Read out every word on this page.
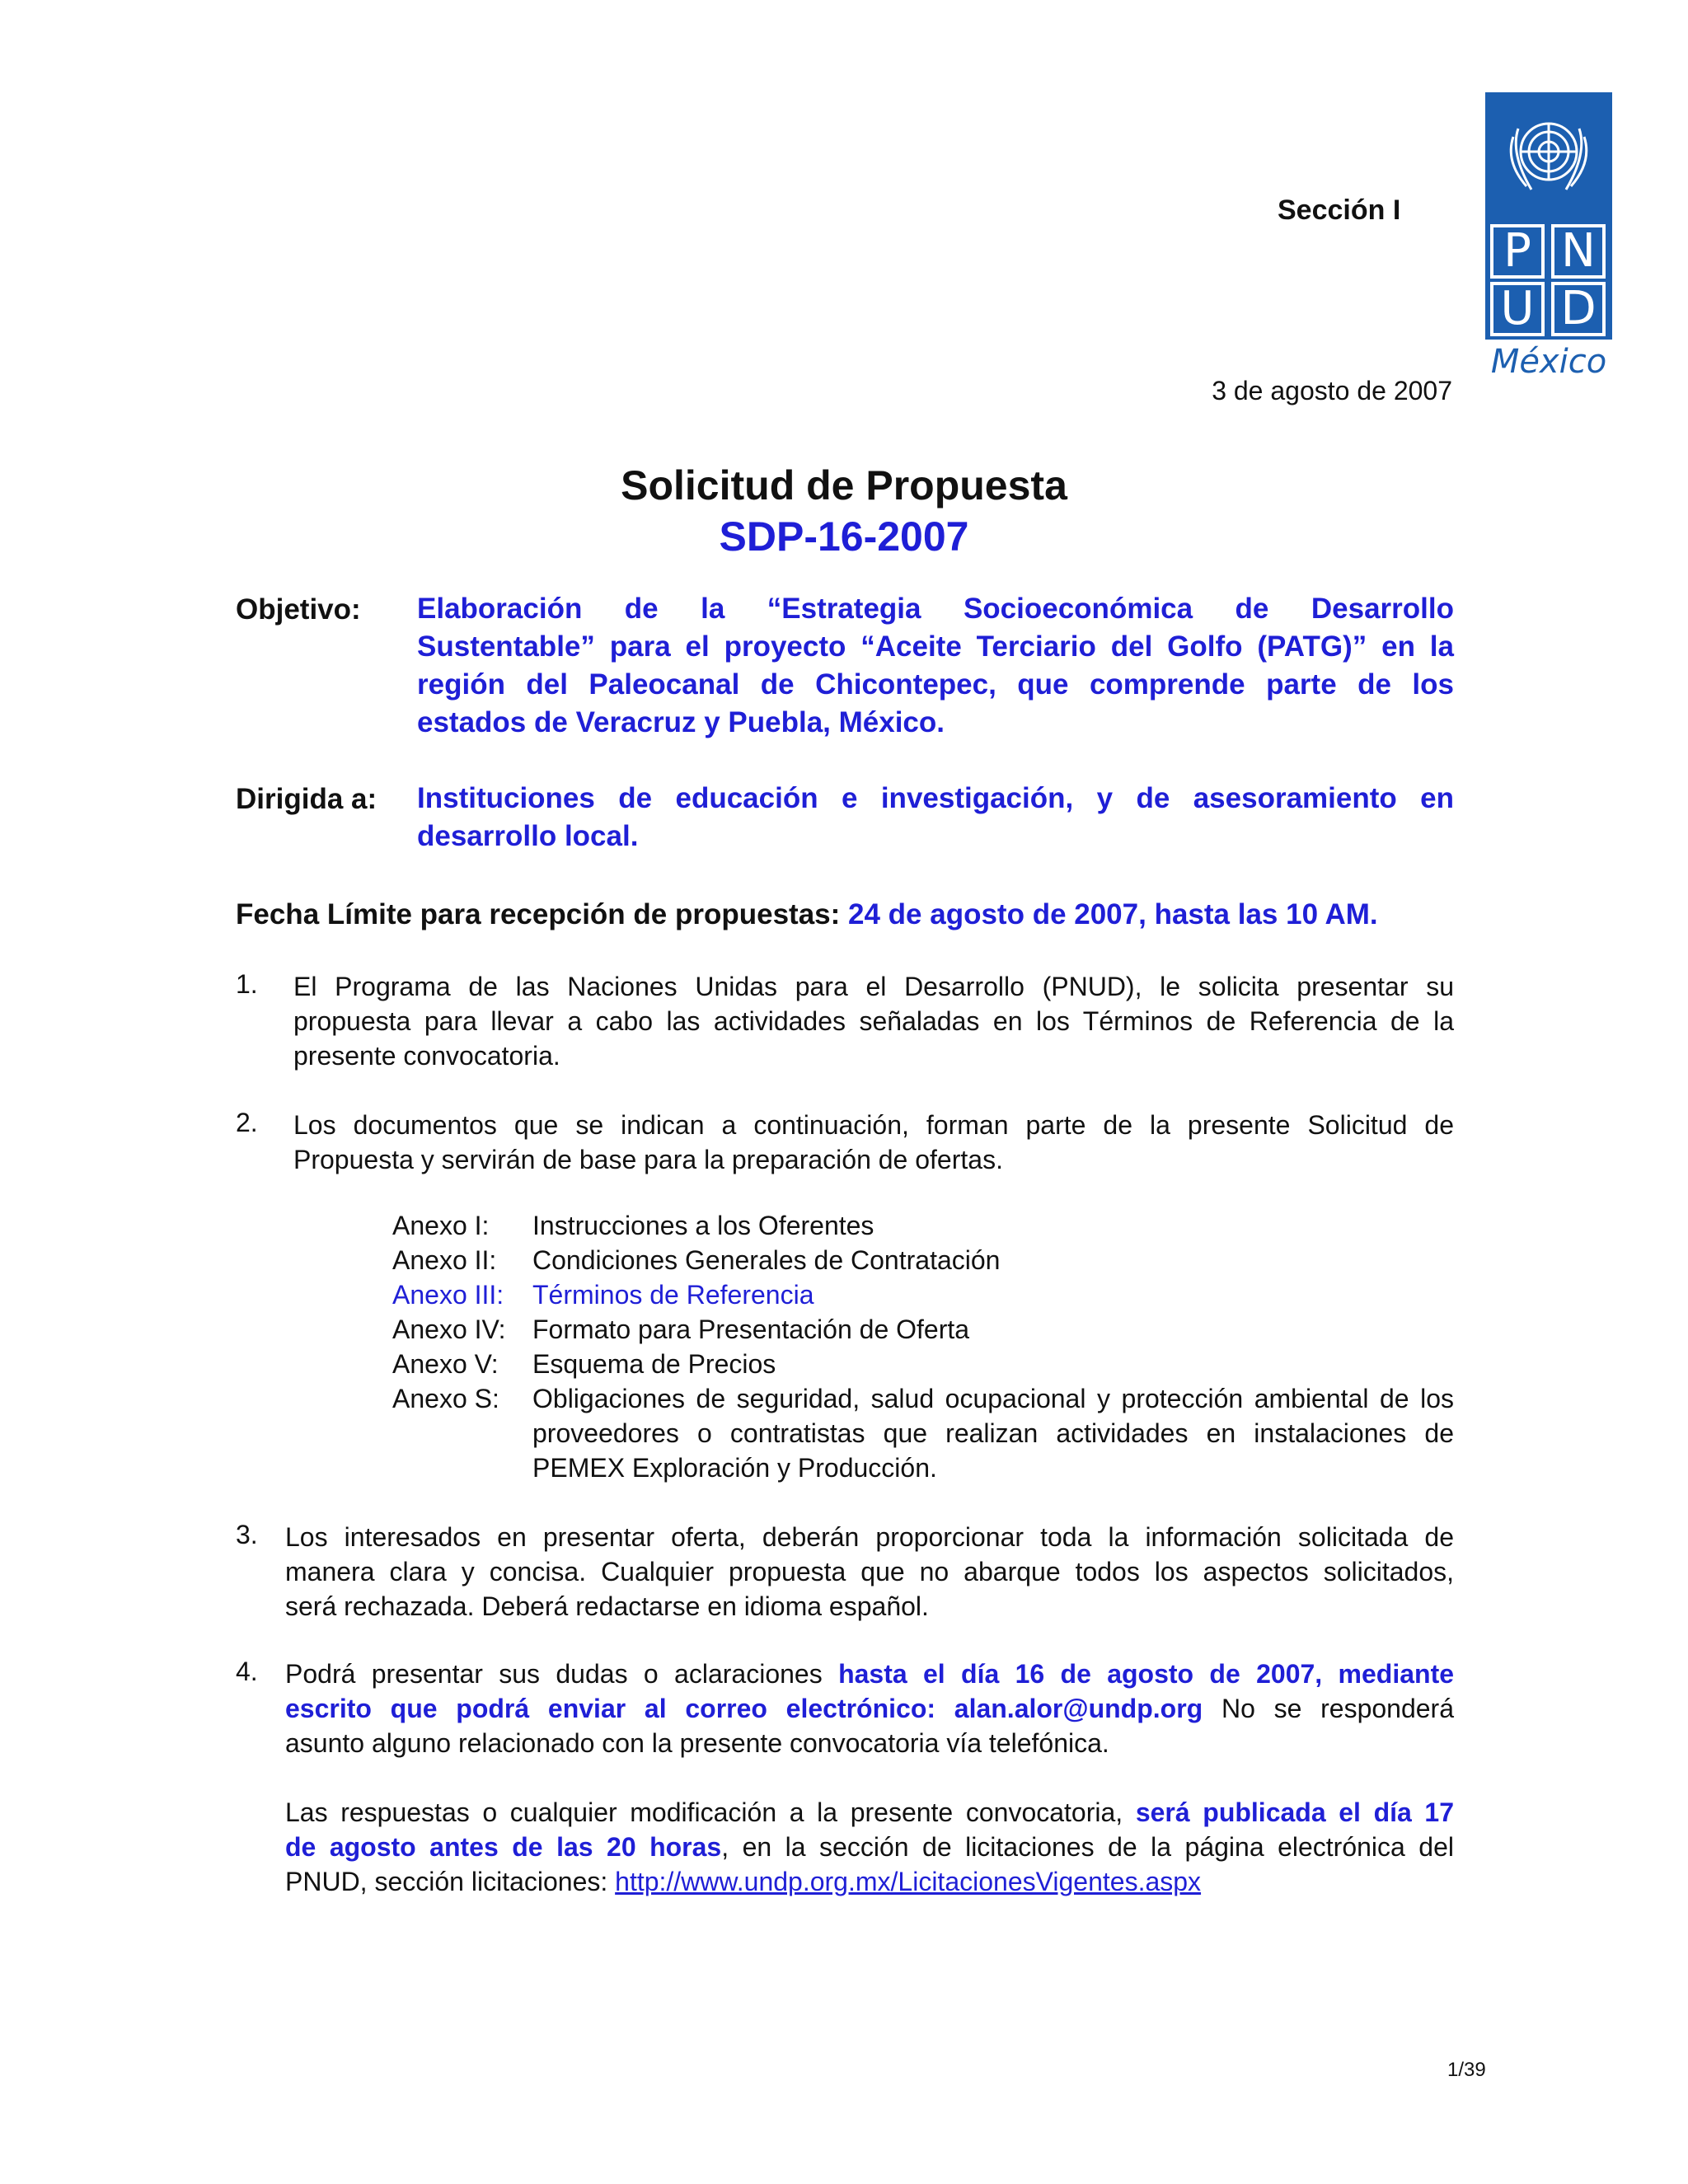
P N
U D
México
Sección I
3 de agosto de 2007
Solicitud de Propuesta
SDP-16-2007
Objetivo: Elaboración de la “Estrategia Socioeconómica de Desarrollo
Sustentable” para el proyecto “Aceite Terciario del Golfo (PATG)” en la
región del Paleocanal de Chicontepec, que comprende parte de los
estados de Veracruz y Puebla, México.
Dirigida a: Instituciones de educación e investigación, y de asesoramiento en
desarrollo local.
Fecha Límite para recepción de propuestas: 24 de agosto de 2007, hasta las 10 AM.
1. El Programa de las Naciones Unidas para el Desarrollo (PNUD), le solicita presentar su
propuesta para llevar a cabo las actividades señaladas en los Términos de Referencia de la
presente convocatoria.
2. Los documentos que se indican a continuación, forman parte de la presente Solicitud de
Propuesta y servirán de base para la preparación de ofertas.
Anexo I:	Instrucciones a los Oferentes
Anexo II:	Condiciones Generales de Contratación
Anexo III:	Términos de Referencia
Anexo IV:	Formato para Presentación de Oferta
Anexo V:	Esquema de Precios
Anexo S:	Obligaciones de seguridad, salud ocupacional y protección ambiental de los proveedores o contratistas que realizan actividades en instalaciones de PEMEX Exploración y Producción.
3. Los interesados en presentar oferta, deberán proporcionar toda la información solicitada de
manera clara y concisa. Cualquier propuesta que no abarque todos los aspectos solicitados,
será rechazada. Deberá redactarse en idioma español.
4. Podrá presentar sus dudas o aclaraciones hasta el día 16 de agosto de 2007, mediante
escrito que podrá enviar al correo electrónico: alan.alor@undp.org No se responderá
asunto alguno relacionado con la presente convocatoria vía telefónica.
Las respuestas o cualquier modificación a la presente convocatoria, será publicada el día 17
de agosto antes de las 20 horas, en la sección de licitaciones de la página electrónica del
PNUD, sección licitaciones: http://www.undp.org.mx/LicitacionesVigentes.aspx
1/39
